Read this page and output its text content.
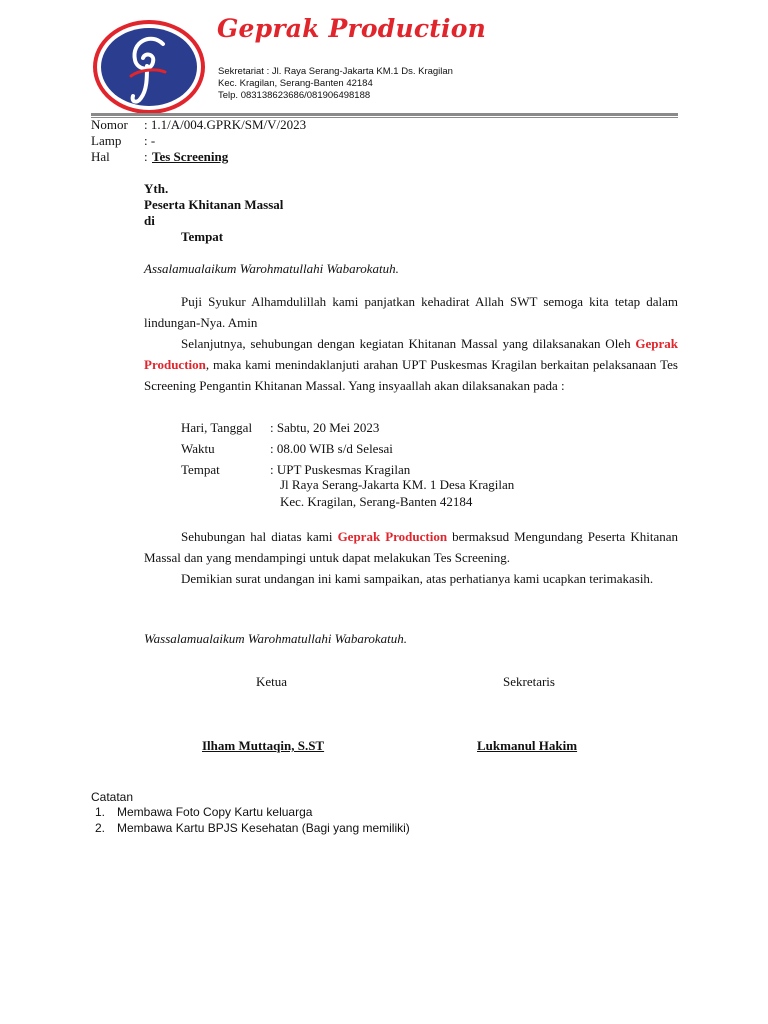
Geprak Production
Sekretariat : Jl. Raya Serang-Jakarta KM.1 Ds. Kragilan
Kec. Kragilan, Serang-Banten 42184
Telp. 083138623686/081906498188
Nomor : 1.1/A/004.GPRK/SM/V/2023
Lamp : -
Hal	: Tes Screening
Yth.
Peserta Khitanan Massal
di
Tempat
Assalamualaikum Warohmatullahi Wabarokatuh.
Puji Syukur Alhamdulillah kami panjatkan kehadirat Allah SWT semoga kita tetap dalam lindungan-Nya. Amin
Selanjutnya, sehubungan dengan kegiatan Khitanan Massal yang dilaksanakan Oleh Geprak Production, maka kami menindaklanjuti arahan UPT Puskesmas Kragilan berkaitan pelaksanaan Tes Screening Pengantin Khitanan Massal. Yang insyaallah akan dilaksanakan pada :
Hari, Tanggal : Sabtu, 20 Mei 2023
Waktu	: 08.00 WIB s/d Selesai
Tempat	: UPT Puskesmas Kragilan
Jl Raya Serang-Jakarta KM. 1 Desa Kragilan
Kec. Kragilan, Serang-Banten 42184
Sehubungan hal diatas kami Geprak Production bermaksud Mengundang Peserta Khitanan Massal dan yang mendampingi untuk dapat melakukan Tes Screening.
Demikian surat undangan ini kami sampaikan, atas perhatianya kami ucapkan terimakasih.
Wassalamualaikum Warohmatullahi Wabarokatuh.
Ketua	Sekretaris
Ilham Muttaqin, S.ST	Lukmanul Hakim
Catatan
1. Membawa Foto Copy Kartu keluarga
2. Membawa Kartu BPJS Kesehatan (Bagi yang memiliki)
